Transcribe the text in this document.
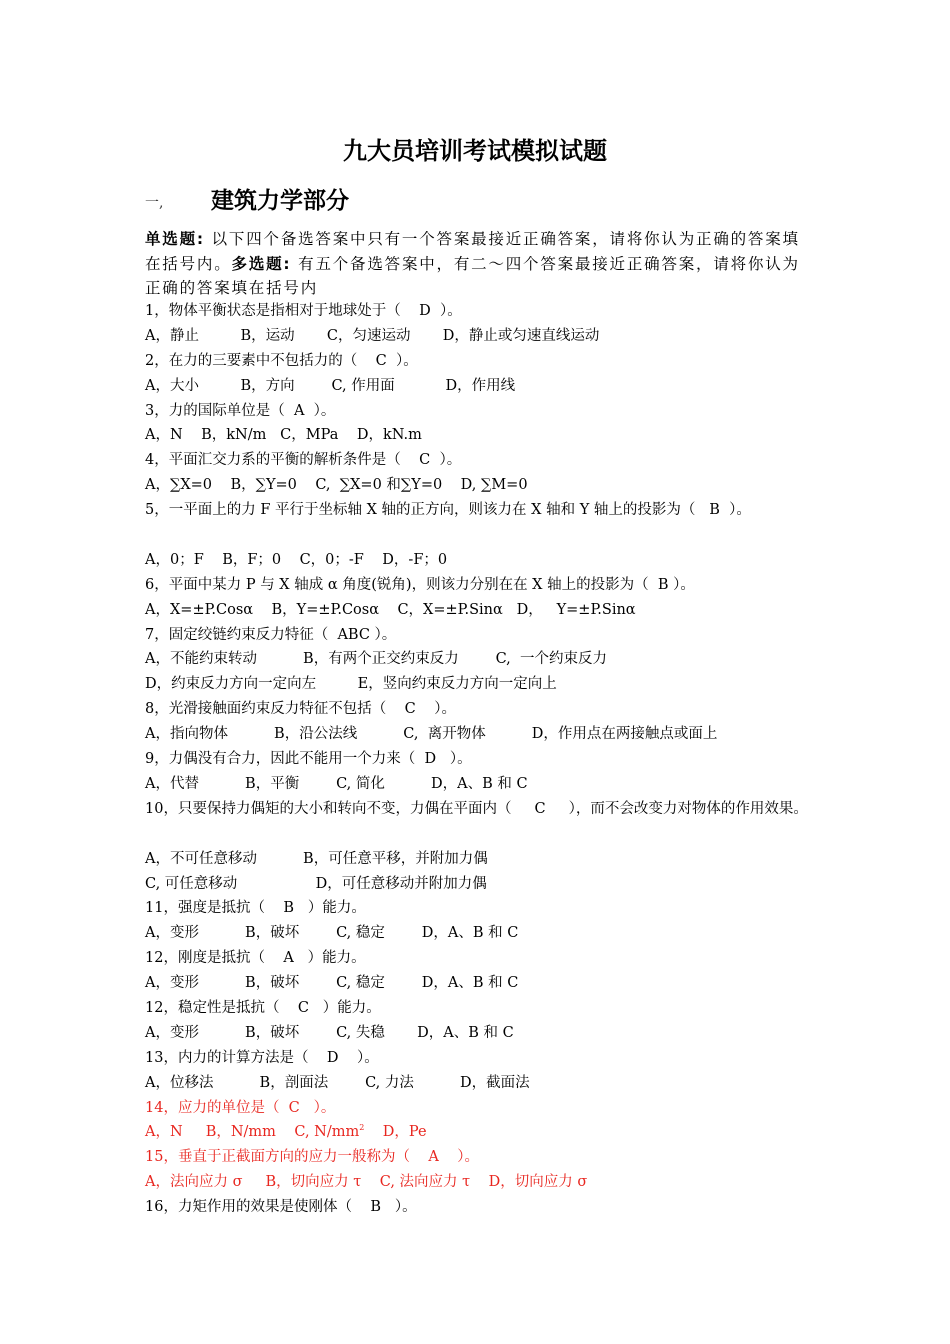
九大员培训考试模拟试题
一, 建筑力学部分
单选题: 以下四个备选答案中只有一个答案最接近正确答案，请将你认为正确的答案填在括号内。多选题: 有五个备选答案中，有二～四个答案最接近正确答案，请将你认为正确的答案填在括号内
1，物体平衡状态是指相对于地球处于（    D  ）。
A，静止         B，运动       C，匀速运动       D，静止或匀速直线运动
2，在力的三要素中不包括力的（    C  ）。
A，大小         B，方向        C, 作用面           D，作用线
3，力的国际单位是（  A  ）。
A，N    B，kN/m   C，MPa    D，kN.m
4，平面汇交力系的平衡的解析条件是（    C  ）。
A，∑X=0    B，∑Y=0    C,  ∑X=0 和∑Y=0    D, ∑M=0
5，一平面上的力 F 平行于坐标轴 X 轴的正方向，则该力在 X 轴和 Y 轴上的投影为（   B  ）。
A，0；F    B，F；0    C，0；-F    D，-F；0
6，平面中某力 P 与 X 轴成 α 角度(锐角)，则该力分别在在 X 轴上的投影为（  B ）。
A，X=±P.Cosα    B，Y=±P.Cosα    C，X=±P.Sinα   D，   Y=±P.Sinα
7，固定绞链约束反力特征（  ABC ）。
A，不能约束转动          B，有两个正交约束反力        C,  一个约束反力
D，约束反力方向一定向左         E，竖向约束反力方向一定向上
8，光滑接触面约束反力特征不包括（    C    ）。
A，指向物体          B，沿公法线          C,  离开物体          D，作用点在两接触点或面上
9，力偶没有合力，因此不能用一个力来（  D   ）。
A，代替          B，平衡        C, 简化          D，A、B 和 C
10，只要保持力偶矩的大小和转向不变，力偶在平面内（     C     ），而不会改变力对物体的作用效果。
A，不可任意移动          B，可任意平移，并附加力偶
C, 可任意移动                 D，可任意移动并附加力偶
11，强度是抵抗（    B   ）能力。
A，变形          B，破坏        C, 稳定        D，A、B 和 C
12，刚度是抵抗（    A   ）能力。
A，变形          B，破坏        C, 稳定        D，A、B 和 C
12，稳定性是抵抗（    C   ）能力。
A，变形          B，破坏        C, 失稳       D，A、B 和 C
13，内力的计算方法是（    D    ）。
A，位移法          B，剖面法        C, 力法          D，截面法
14，应力的单位是（  C   ）。
A，N     B，N/mm    C, $N/mm^2$    D，Pe
15，垂直于正截面方向的应力一般称为（    A    ）。
A，法向应力 σ     B，切向应力 τ    C, 法向应力 τ    D，切向应力 σ
16，力矩作用的效果是使刚体（    B   ）。
